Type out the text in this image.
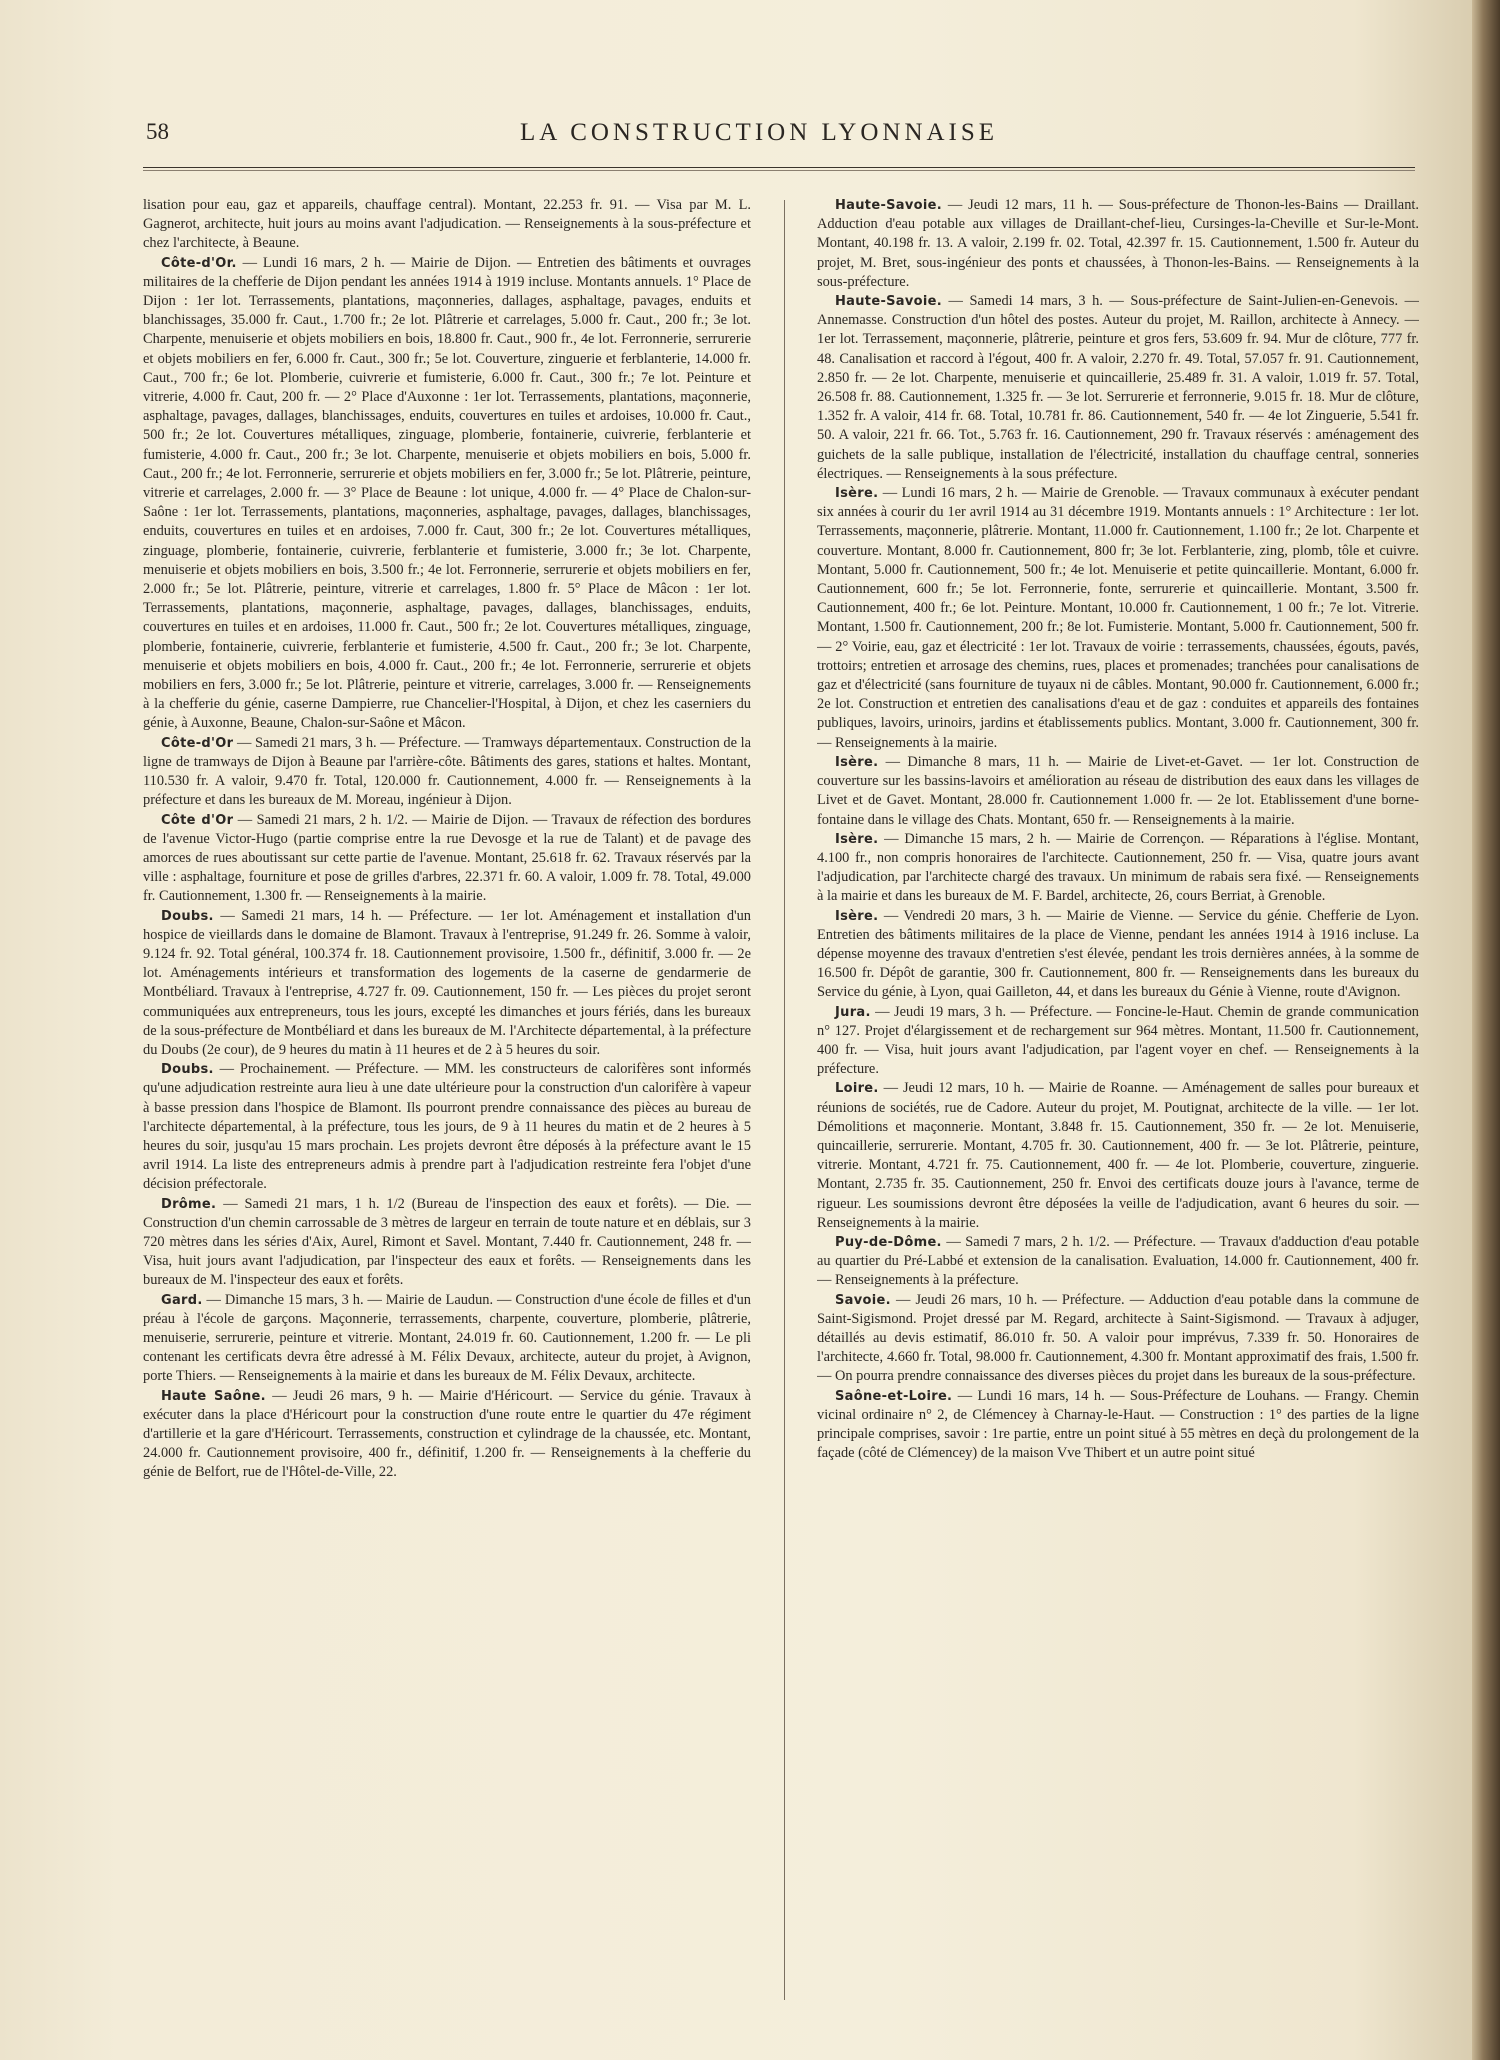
58	LA CONSTRUCTION LYONNAISE

lisation pour eau, gaz et appareils, chauffage central). Montant, 22.253 fr. 91. — Visa par M. L. Gagnerot, architecte, huit jours au moins avant l'adjudication. — Renseignements à la sous-préfecture et chez l'architecte, à Beaune.

Côte-d'Or. — Lundi 16 mars, 2 h. — Mairie de Dijon. — Entretien des bâtiments et ouvrages militaires de la chefferie de Dijon pendant les années 1914 à 1919 incluse. Montants annuels. 1° Place de Dijon : 1er lot. Terrassements, plantations, maçonneries, dallages, asphaltage, pavages, enduits et blanchissages, 35.000 fr. Caut., 1.700 fr.; 2e lot. Plâtrerie et carrelages, 5.000 fr. Caut., 200 fr.; 3e lot. Charpente, menuiserie et objets mobiliers en bois, 18.800 fr. Caut., 900 fr., 4e lot. Ferronnerie, serrurerie et objets mobiliers en fer, 6.000 fr. Caut., 300 fr.; 5e lot. Couverture, zinguerie et ferblanterie, 14.000 fr. Caut., 700 fr.; 6e lot. Plomberie, cuivrerie et fumisterie, 6.000 fr. Caut., 300 fr.; 7e lot. Peinture et vitrerie, 4.000 fr. Caut, 200 fr. — 2° Place d'Auxonne : 1er lot. Terrassements, plantations, maçonnerie, asphaltage, pavages, dallages, blanchissages, enduits, couvertures en tuiles et ardoises, 10.000 fr. Caut., 500 fr.; 2e lot. Couvertures métalliques, zinguage, plomberie, fontainerie, cuivrerie, ferblanterie et fumisterie, 4.000 fr. Caut., 200 fr.; 3e lot. Charpente, menuiserie et objets mobiliers en bois, 5.000 fr. Caut., 200 fr.; 4e lot. Ferronnerie, serrurerie et objets mobiliers en fer, 3.000 fr.; 5e lot. Plâtrerie, peinture, vitrerie et carrelages, 2.000 fr. — 3° Place de Beaune : lot unique, 4.000 fr. — 4° Place de Chalon-sur-Saône : 1er lot. Terrassements, plantations, maçonneries, asphaltage, pavages, dallages, blanchissages, enduits, couvertures en tuiles et en ardoises, 7.000 fr. Caut, 300 fr.; 2e lot. Couvertures métalliques, zinguage, plomberie, fontainerie, cuivrerie, ferblanterie et fumisterie, 3.000 fr.; 3e lot. Charpente, menuiserie et objets mobiliers en bois, 3.500 fr.; 4e lot. Ferronnerie, serrurerie et objets mobiliers en fer, 2.000 fr.; 5e lot. Plâtrerie, peinture, vitrerie et carrelages, 1.800 fr. 5° Place de Mâcon : 1er lot. Terrassements, plantations, maçonnerie, asphaltage, pavages, dallages, blanchissages, enduits, couvertures en tuiles et en ardoises, 11.000 fr. Caut., 500 fr.; 2e lot. Couvertures métalliques, zinguage, plomberie, fontainerie, cuivrerie, ferblanterie et fumisterie, 4.500 fr. Caut., 200 fr.; 3e lot. Charpente, menuiserie et objets mobiliers en bois, 4.000 fr. Caut., 200 fr.; 4e lot. Ferronnerie, serrurerie et objets mobiliers en fers, 3.000 fr.; 5e lot. Plâtrerie, peinture et vitrerie, carrelages, 3.000 fr. — Renseignements à la chefferie du génie, caserne Dampierre, rue Chancelier-l'Hospital, à Dijon, et chez les caserniers du génie, à Auxonne, Beaune, Chalon-sur-Saône et Mâcon.

Côte-d'Or — Samedi 21 mars, 3 h. — Préfecture. — Tramways départementaux. Construction de la ligne de tramways de Dijon à Beaune par l'arrière-côte. Bâtiments des gares, stations et haltes. Montant, 110.530 fr. A valoir, 9.470 fr. Total, 120.000 fr. Cautionnement, 4.000 fr. — Renseignements à la préfecture et dans les bureaux de M. Moreau, ingénieur à Dijon.

Côte d'Or — Samedi 21 mars, 2 h. 1/2. — Mairie de Dijon. — Travaux de réfection des bordures de l'avenue Victor-Hugo (partie comprise entre la rue Devosge et la rue de Talant) et de pavage des amorces de rues aboutissant sur cette partie de l'avenue. Montant, 25.618 fr. 62. Travaux réservés par la ville : asphaltage, fourniture et pose de grilles d'arbres, 22.371 fr. 60. A valoir, 1.009 fr. 78. Total, 49.000 fr. Cautionnement, 1.300 fr. — Renseignements à la mairie.

Doubs. — Samedi 21 mars, 14 h. — Préfecture. — 1er lot. Aménagement et installation d'un hospice de vieillards dans le domaine de Blamont. Travaux à l'entreprise, 91.249 fr. 26. Somme à valoir, 9.124 fr. 92. Total général, 100.374 fr. 18. Cautionnement provisoire, 1.500 fr., définitif, 3.000 fr. — 2e lot. Aménagements intérieurs et transformation des logements de la caserne de gendarmerie de Montbéliard. Travaux à l'entreprise, 4.727 fr. 09. Cautionnement, 150 fr. — Les pièces du projet seront communiquées aux entrepreneurs, tous les jours, excepté les dimanches et jours fériés, dans les bureaux de la sous-préfecture de Montbéliard et dans les bureaux de M. l'Architecte départemental, à la préfecture du Doubs (2e cour), de 9 heures du matin à 11 heures et de 2 à 5 heures du soir.

Doubs. — Prochainement. — Préfecture. — MM. les constructeurs de calorifères sont informés qu'une adjudication restreinte aura lieu à une date ultérieure pour la construction d'un calorifère à vapeur à basse pression dans l'hospice de Blamont. Ils pourront prendre connaissance des pièces au bureau de l'architecte départemental, à la préfecture, tous les jours, de 9 à 11 heures du matin et de 2 heures à 5 heures du soir, jusqu'au 15 mars prochain. Les projets devront être déposés à la préfecture avant le 15 avril 1914. La liste des entrepreneurs admis à prendre part à l'adjudication restreinte fera l'objet d'une décision préfectorale.

Drôme. — Samedi 21 mars, 1 h. 1/2 (Bureau de l'inspection des eaux et forêts). — Die. — Construction d'un chemin carrossable de 3 mètres de largeur en terrain de toute nature et en déblais, sur 3 720 mètres dans les séries d'Aix, Aurel, Rimont et Savel. Montant, 7.440 fr. Cautionnement, 248 fr. — Visa, huit jours avant l'adjudication, par l'inspecteur des eaux et forêts. — Renseignements dans les bureaux de M. l'inspecteur des eaux et forêts.

Gard. — Dimanche 15 mars, 3 h. — Mairie de Laudun. — Construction d'une école de filles et d'un préau à l'école de garçons. Maçonnerie, terrassements, charpente, couverture, plomberie, plâtrerie, menuiserie, serrurerie, peinture et vitrerie. Montant, 24.019 fr. 60. Cautionnement, 1.200 fr. — Le pli contenant les certificats devra être adressé à M. Félix Devaux, architecte, auteur du projet, à Avignon, porte Thiers. — Renseignements à la mairie et dans les bureaux de M. Félix Devaux, architecte.

Haute Saône. — Jeudi 26 mars, 9 h. — Mairie d'Héricourt. — Service du génie. Travaux à exécuter dans la place d'Héricourt pour la construction d'une route entre le quartier du 47e régiment d'artillerie et la gare d'Héricourt. Terrassements, construction et cylindrage de la chaussée, etc. Montant, 24.000 fr. Cautionnement provisoire, 400 fr., définitif, 1.200 fr. — Renseignements à la chefferie du génie de Belfort, rue de l'Hôtel-de-Ville, 22.

Haute-Savoie. — Jeudi 12 mars, 11 h. — Sous-préfecture de Thonon-les-Bains — Draillant. Adduction d'eau potable aux villages de Draillant-chef-lieu, Cursinges-la-Cheville et Sur-le-Mont. Montant, 40.198 fr. 13. A valoir, 2.199 fr. 02. Total, 42.397 fr. 15. Cautionnement, 1.500 fr. Auteur du projet, M. Bret, sous-ingénieur des ponts et chaussées, à Thonon-les-Bains. — Renseignements à la sous-préfecture.

Haute-Savoie. — Samedi 14 mars, 3 h. — Sous-préfecture de Saint-Julien-en-Genevois. — Annemasse. Construction d'un hôtel des postes. Auteur du projet, M. Raillon, architecte à Annecy. — 1er lot. Terrassement, maçonnerie, plâtrerie, peinture et gros fers, 53.609 fr. 94. Mur de clôture, 777 fr. 48. Canalisation et raccord à l'égout, 400 fr. A valoir, 2.270 fr. 49. Total, 57.057 fr. 91. Cautionnement, 2.850 fr. — 2e lot. Charpente, menuiserie et quincaillerie, 25.489 fr. 31. A valoir, 1.019 fr. 57. Total, 26.508 fr. 88. Cautionnement, 1.325 fr. — 3e lot. Serrurerie et ferronnerie, 9.015 fr. 18. Mur de clôture, 1.352 fr. A valoir, 414 fr. 68. Total, 10.781 fr. 86. Cautionnement, 540 fr. — 4e lot Zinguerie, 5.541 fr. 50. A valoir, 221 fr. 66. Tot., 5.763 fr. 16. Cautionnement, 290 fr. Travaux réservés : aménagement des guichets de la salle publique, installation de l'électricité, installation du chauffage central, sonneries électriques. — Renseignements à la sous préfecture.

Isère. — Lundi 16 mars, 2 h. — Mairie de Grenoble. — Travaux communaux à exécuter pendant six années à courir du 1er avril 1914 au 31 décembre 1919. Montants annuels : 1° Architecture : 1er lot. Terrassements, maçonnerie, plâtrerie. Montant, 11.000 fr. Cautionnement, 1.100 fr.; 2e lot. Charpente et couverture. Montant, 8.000 fr. Cautionnement, 800 fr; 3e lot. Ferblanterie, zing, plomb, tôle et cuivre. Montant, 5.000 fr. Cautionnement, 500 fr.; 4e lot. Menuiserie et petite quincaillerie. Montant, 6.000 fr. Cautionnement, 600 fr.; 5e lot. Ferronnerie, fonte, serrurerie et quincaillerie. Montant, 3.500 fr. Cautionnement, 400 fr.; 6e lot. Peinture. Montant, 10.000 fr. Cautionnement, 1 00 fr.; 7e lot. Vitrerie. Montant, 1.500 fr. Cautionnement, 200 fr.; 8e lot. Fumisterie. Montant, 5.000 fr. Cautionnement, 500 fr. — 2° Voirie, eau, gaz et électricité : 1er lot. Travaux de voirie : terrassements, chaussées, égouts, pavés, trottoirs; entretien et arrosage des chemins, rues, places et promenades; tranchées pour canalisations de gaz et d'électricité (sans fourniture de tuyaux ni de câbles. Montant, 90.000 fr. Cautionnement, 6.000 fr.; 2e lot. Construction et entretien des canalisations d'eau et de gaz : conduites et appareils des fontaines publiques, lavoirs, urinoirs, jardins et établissements publics. Montant, 3.000 fr. Cautionnement, 300 fr. — Renseignements à la mairie.

Isère. — Dimanche 8 mars, 11 h. — Mairie de Livet-et-Gavet. — 1er lot. Construction de couverture sur les bassins-lavoirs et amélioration au réseau de distribution des eaux dans les villages de Livet et de Gavet. Montant, 28.000 fr. Cautionnement 1.000 fr. — 2e lot. Etablissement d'une borne-fontaine dans le village des Chats. Montant, 650 fr. — Renseignements à la mairie.

Isère. — Dimanche 15 mars, 2 h. — Mairie de Corrençon. — Réparations à l'église. Montant, 4.100 fr., non compris honoraires de l'architecte. Cautionnement, 250 fr. — Visa, quatre jours avant l'adjudication, par l'architecte chargé des travaux. Un minimum de rabais sera fixé. — Renseignements à la mairie et dans les bureaux de M. F. Bardel, architecte, 26, cours Berriat, à Grenoble.

Isère. — Vendredi 20 mars, 3 h. — Mairie de Vienne. — Service du génie. Chefferie de Lyon. Entretien des bâtiments militaires de la place de Vienne, pendant les années 1914 à 1916 incluse. La dépense moyenne des travaux d'entretien s'est élevée, pendant les trois dernières années, à la somme de 16.500 fr. Dépôt de garantie, 300 fr. Cautionnement, 800 fr. — Renseignements dans les bureaux du Service du génie, à Lyon, quai Gailleton, 44, et dans les bureaux du Génie à Vienne, route d'Avignon.

Jura. — Jeudi 19 mars, 3 h. — Préfecture. — Foncine-le-Haut. Chemin de grande communication n° 127. Projet d'élargissement et de rechargement sur 964 mètres. Montant, 11.500 fr. Cautionnement, 400 fr. — Visa, huit jours avant l'adjudication, par l'agent voyer en chef. — Renseignements à la préfecture.

Loire. — Jeudi 12 mars, 10 h. — Mairie de Roanne. — Aménagement de salles pour bureaux et réunions de sociétés, rue de Cadore. Auteur du projet, M. Poutignat, architecte de la ville. — 1er lot. Démolitions et maçonnerie. Montant, 3.848 fr. 15. Cautionnement, 350 fr. — 2e lot. Menuiserie, quincaillerie, serrurerie. Montant, 4.705 fr. 30. Cautionnement, 400 fr. — 3e lot. Plâtrerie, peinture, vitrerie. Montant, 4.721 fr. 75. Cautionnement, 400 fr. — 4e lot. Plomberie, couverture, zinguerie. Montant, 2.735 fr. 35. Cautionnement, 250 fr. Envoi des certificats douze jours à l'avance, terme de rigueur. Les soumissions devront être déposées la veille de l'adjudication, avant 6 heures du soir. — Renseignements à la mairie.

Puy-de-Dôme. — Samedi 7 mars, 2 h. 1/2. — Préfecture. — Travaux d'adduction d'eau potable au quartier du Pré-Labbé et extension de la canalisation. Evaluation, 14.000 fr. Cautionnement, 400 fr. — Renseignements à la préfecture.

Savoie. — Jeudi 26 mars, 10 h. — Préfecture. — Adduction d'eau potable dans la commune de Saint-Sigismond. Projet dressé par M. Regard, architecte à Saint-Sigismond. — Travaux à adjuger, détaillés au devis estimatif, 86.010 fr. 50. A valoir pour imprévus, 7.339 fr. 50. Honoraires de l'architecte, 4.660 fr. Total, 98.000 fr. Cautionnement, 4.300 fr. Montant approximatif des frais, 1.500 fr. — On pourra prendre connaissance des diverses pièces du projet dans les bureaux de la sous-préfecture.

Saône-et-Loire. — Lundi 16 mars, 14 h. — Sous-Préfecture de Louhans. — Frangy. Chemin vicinal ordinaire n° 2, de Clémencey à Charnay-le-Haut. — Construction : 1° des parties de la ligne principale comprises, savoir : 1re partie, entre un point situé à 55 mètres en deçà du prolongement de la façade (côté de Clémencey) de la maison Vve Thibert et un autre point situé
